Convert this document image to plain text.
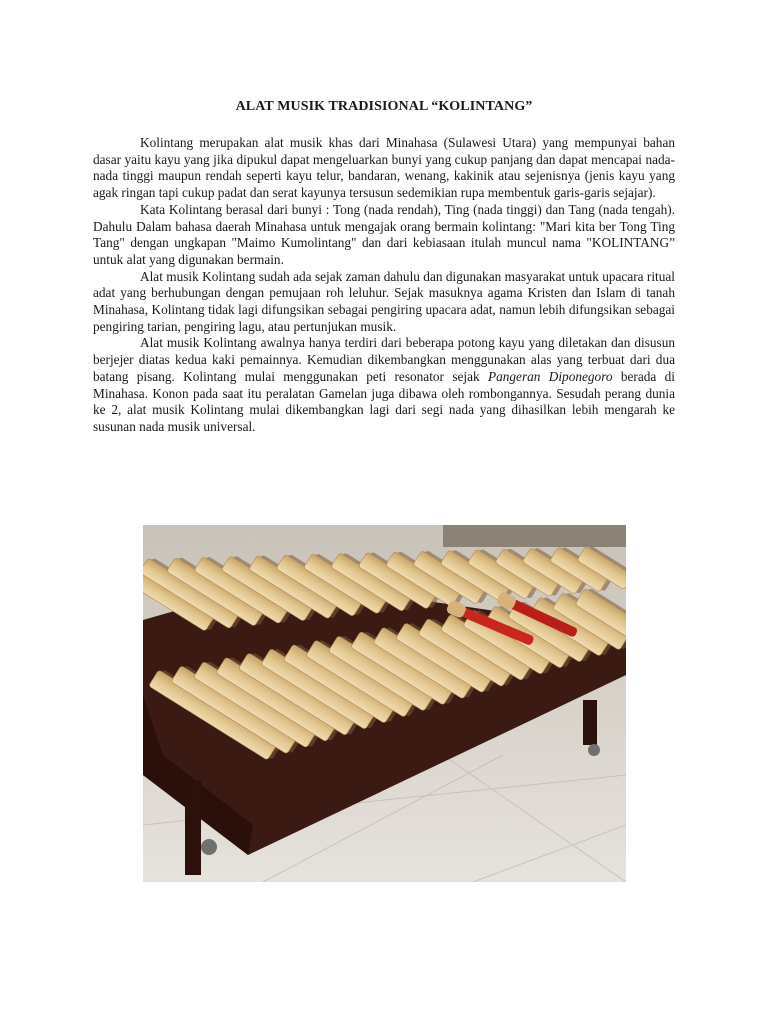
ALAT MUSIK TRADISIONAL “KOLINTANG”

Kolintang merupakan alat musik khas dari Minahasa (Sulawesi Utara) yang mempunyai bahan dasar yaitu kayu yang jika dipukul dapat mengeluarkan bunyi yang cukup panjang dan dapat mencapai nada-nada tinggi maupun rendah seperti kayu telur, bandaran, wenang, kakinik atau sejenisnya (jenis kayu yang agak ringan tapi cukup padat dan serat kayunya tersusun sedemikian rupa membentuk garis-garis sejajar).

Kata Kolintang berasal dari bunyi : Tong (nada rendah), Ting (nada tinggi) dan Tang (nada tengah). Dahulu Dalam bahasa daerah Minahasa untuk mengajak orang bermain kolintang: "Mari kita ber Tong Ting Tang" dengan ungkapan "Maimo Kumolintang" dan dari kebiasaan itulah muncul nama "KOLINTANG” untuk alat yang digunakan bermain.

Alat musik Kolintang sudah ada sejak zaman dahulu dan digunakan masyarakat untuk upacara ritual adat yang berhubungan dengan pemujaan roh leluhur. Sejak masuknya agama Kristen dan Islam di tanah Minahasa, Kolintang tidak lagi difungsikan sebagai pengiring upacara adat, namun lebih difungsikan sebagai pengiring tarian, pengiring lagu, atau pertunjukan musik.

Alat musik Kolintang awalnya hanya terdiri dari beberapa potong kayu yang diletakan dan disusun berjejer diatas kedua kaki pemainnya. Kemudian dikembangkan menggunakan alas yang terbuat dari dua batang pisang. Kolintang mulai menggunakan peti resonator sejak Pangeran Diponegoro berada di Minahasa. Konon pada saat itu peralatan Gamelan juga dibawa oleh rombongannya. Sesudah perang dunia ke 2, alat musik Kolintang mulai dikembangkan lagi dari segi nada yang dihasilkan lebih mengarah ke susunan nada musik universal.
